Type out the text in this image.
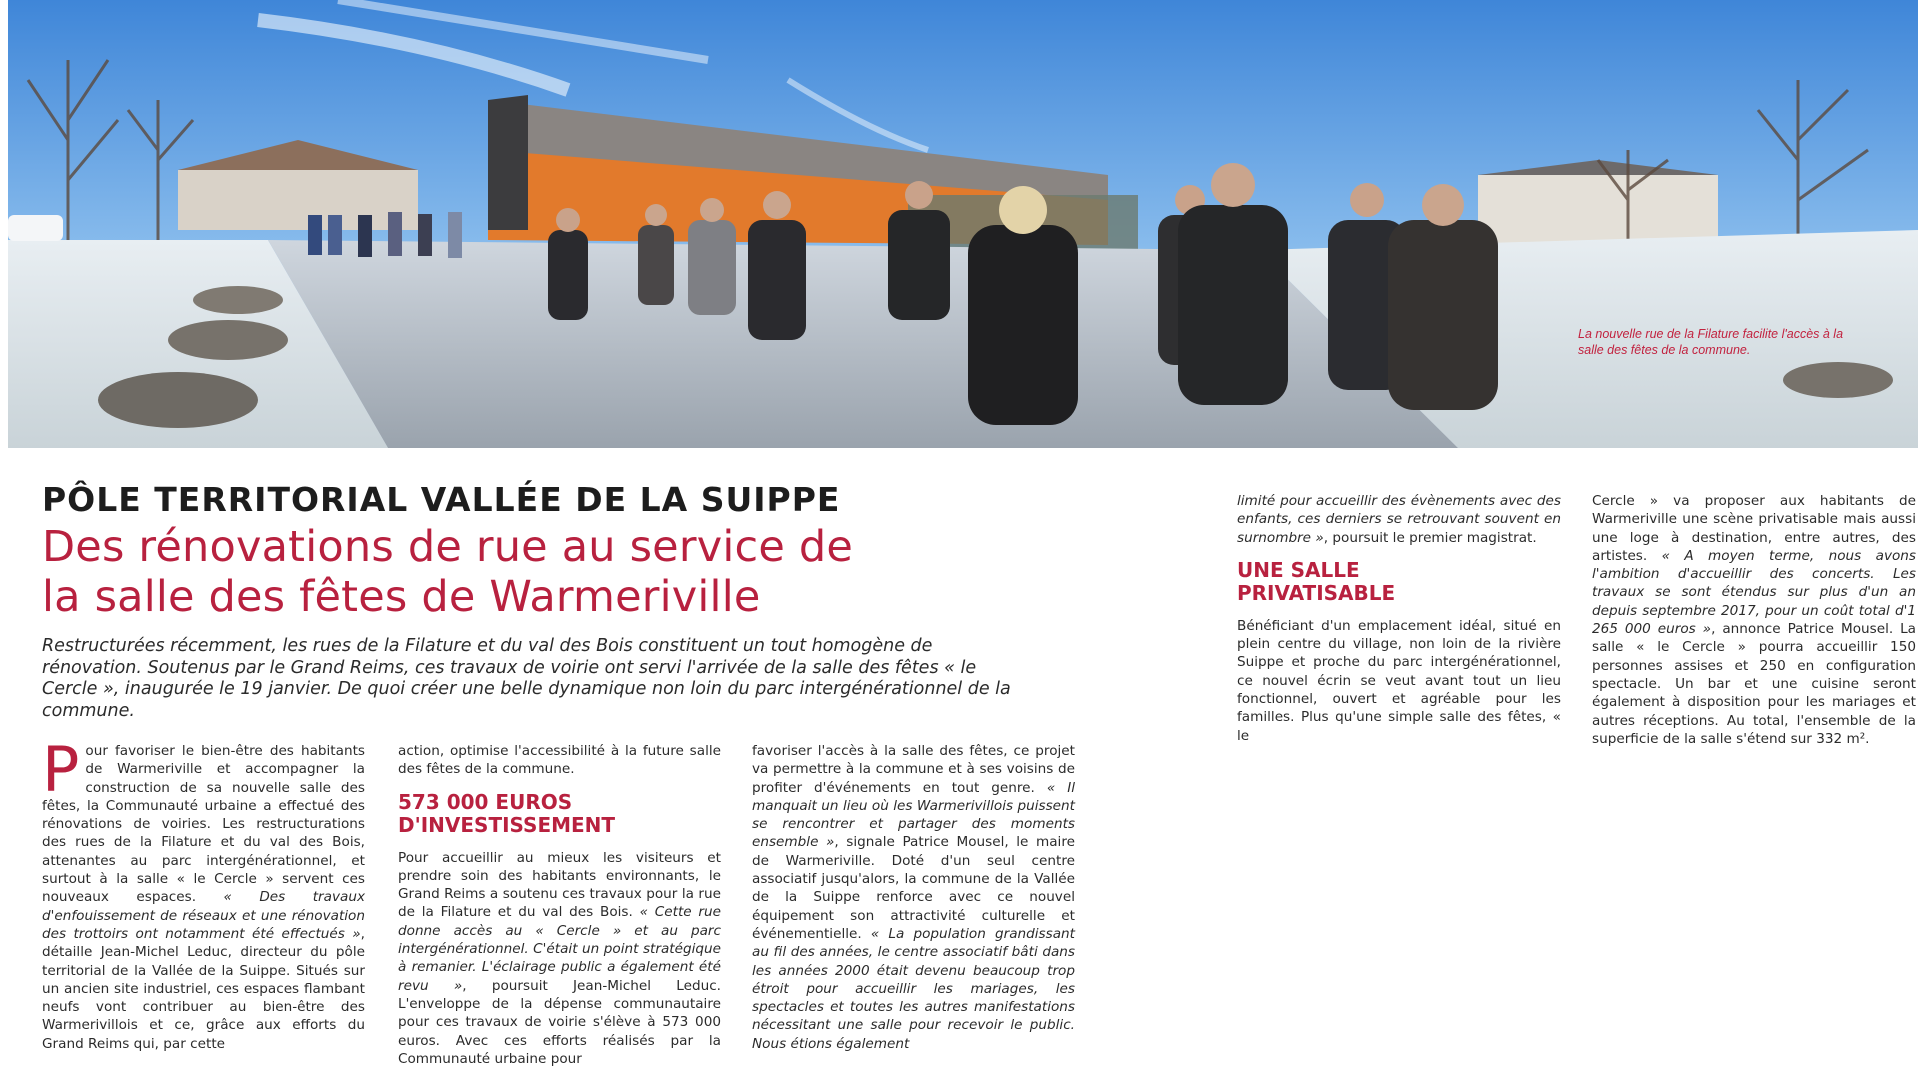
La nouvelle rue de la Filature facilite l'accès à la salle des fêtes de la commune.
PÔLE TERRITORIAL VALLÉE DE LA SUIPPE
Des rénovations de rue au service de
la salle des fêtes de Warmeriville
Restructurées récemment, les rues de la Filature et du val des Bois constituent un tout homogène de rénovation. Soutenus par le Grand Reims, ces travaux de voirie ont servi l'arrivée de la salle des fêtes « le Cercle », inaugurée le 19 janvier. De quoi créer une belle dynamique non loin du parc intergénérationnel de la commune.

Pour favoriser le bien-être des habitants de Warmeriville et accompagner la construction de sa nouvelle salle des fêtes, la Communauté urbaine a effectué des rénovations de voiries. Les restructurations des rues de la Filature et du val des Bois, attenantes au parc intergénérationnel, et surtout à la salle « le Cercle » servent ces nouveaux espaces. « Des travaux d'enfouissement de réseaux et une rénovation des trottoirs ont notamment été effectués », détaille Jean-Michel Leduc, directeur du pôle territorial de la Vallée de la Suippe. Situés sur un ancien site industriel, ces espaces flambant neufs vont contribuer au bien-être des Warmerivillois et ce, grâce aux efforts du Grand Reims qui, par cette

action, optimise l'accessibilité à la future salle des fêtes de la commune.

573 000 EUROS
D'INVESTISSEMENT

Pour accueillir au mieux les visiteurs et prendre soin des habitants environnants, le Grand Reims a soutenu ces travaux pour la rue de la Filature et du val des Bois. « Cette rue donne accès au « Cercle » et au parc intergénérationnel. C'était un point stratégique à remanier. L'éclairage public a également été revu », poursuit Jean-Michel Leduc. L'enveloppe de la dépense communautaire pour ces travaux de voirie s'élève à 573 000 euros. Avec ces efforts réalisés par la Communauté urbaine pour

favoriser l'accès à la salle des fêtes, ce projet va permettre à la commune et à ses voisins de profiter d'événements en tout genre. « Il manquait un lieu où les Warmerivillois puissent se rencontrer et partager des moments ensemble », signale Patrice Mousel, le maire de Warmeriville. Doté d'un seul centre associatif jusqu'alors, la commune de la Vallée de la Suippe renforce avec ce nouvel équipement son attractivité culturelle et événementielle. « La population grandissant au fil des années, le centre associatif bâti dans les années 2000 était devenu beaucoup trop étroit pour accueillir les mariages, les spectacles et toutes les autres manifestations nécessitant une salle pour recevoir le public. Nous étions également

limité pour accueillir des évènements avec des enfants, ces derniers se retrouvant souvent en surnombre », poursuit le premier magistrat.

UNE SALLE
PRIVATISABLE

Bénéficiant d'un emplacement idéal, situé en plein centre du village, non loin de la rivière Suippe et proche du parc intergénérationnel, ce nouvel écrin se veut avant tout un lieu fonctionnel, ouvert et agréable pour les familles. Plus qu'une simple salle des fêtes, « le

Cercle » va proposer aux habitants de Warmeriville une scène privatisable mais aussi une loge à destination, entre autres, des artistes. « A moyen terme, nous avons l'ambition d'accueillir des concerts. Les travaux se sont étendus sur plus d'un an depuis septembre 2017, pour un coût total d'1 265 000 euros », annonce Patrice Mousel. La salle « le Cercle » pourra accueillir 150 personnes assises et 250 en configuration spectacle. Un bar et une cuisine seront également à disposition pour les mariages et autres réceptions. Au total, l'ensemble de la superficie de la salle s'étend sur 332 m².
